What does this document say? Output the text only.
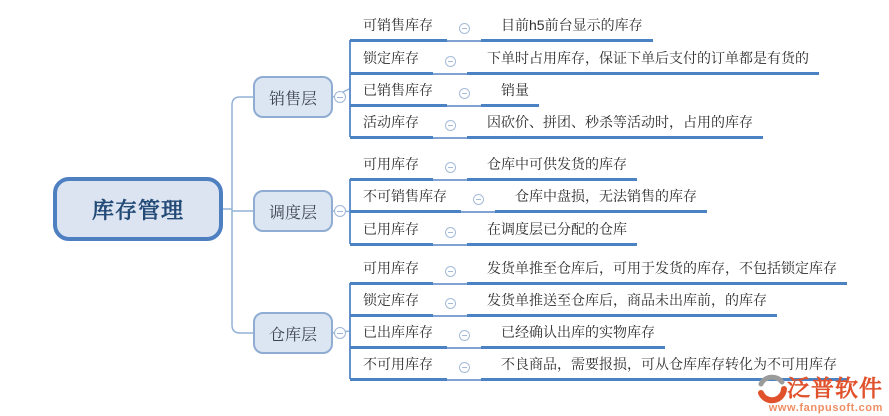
库存管理
销售层
可销售库存	目前h5前台显示的库存
锁定库存	下单时占用库存，保证下单后支付的订单都是有货的
已销售库存	销量
活动库存	因砍价、拼团、秒杀等活动时，占用的库存
调度层
可用库存	仓库中可供发货的库存
不可销售库存	仓库中盘损，无法销售的库存
已用库存	在调度层已分配的仓库
仓库层
可用库存	发货单推至仓库后，可用于发货的库存，不包括锁定库存
锁定库存	发货单推送至仓库后，商品未出库前，的库存
已出库库存	已经确认出库的实物库存
不可用库存	不良商品，需要报损，可从仓库库存转化为不可用库存
泛普软件
www.fanpusoft.com
